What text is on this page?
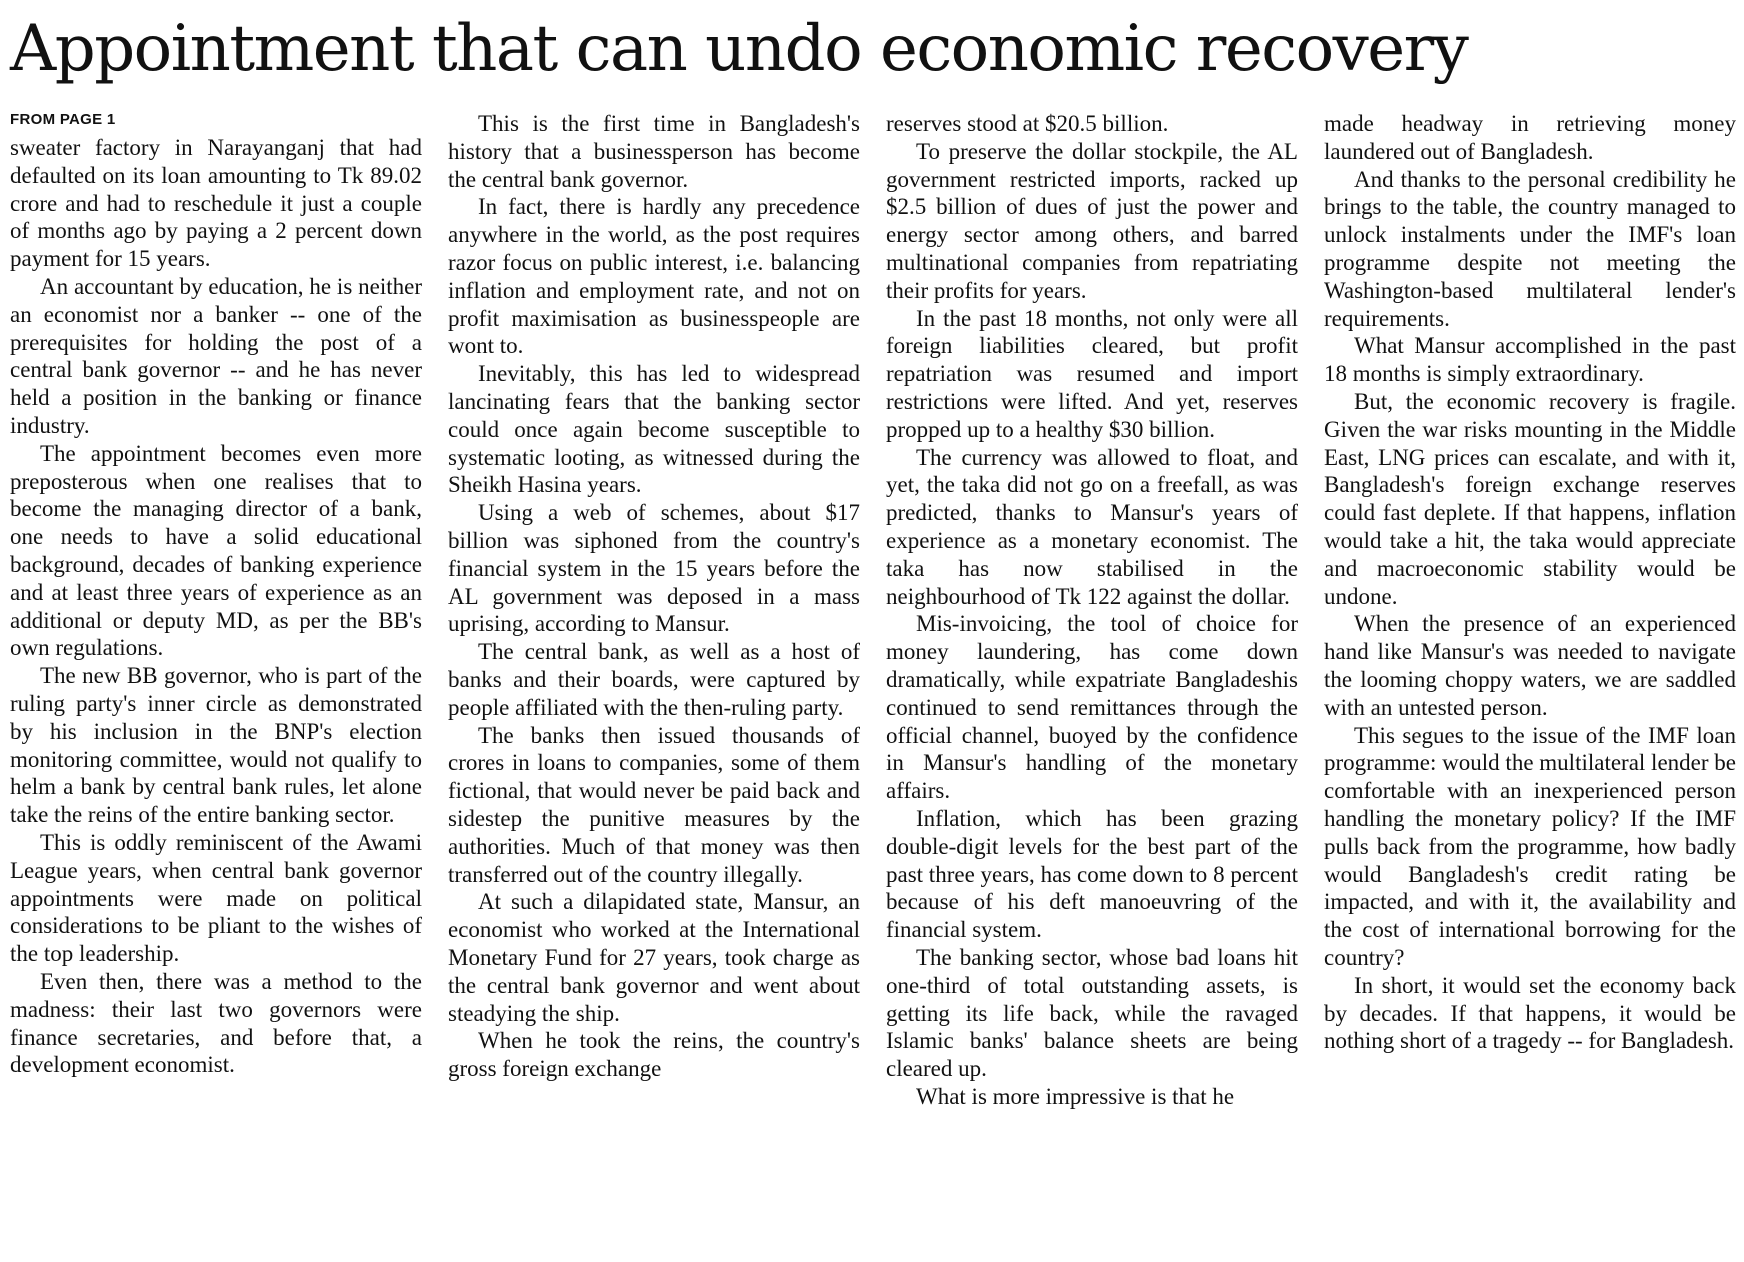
Appointment that can undo economic recovery
FROM PAGE 1

sweater factory in Narayanganj that had defaulted on its loan amounting to Tk 89.02 crore and had to reschedule it just a couple of months ago by paying a 2 percent down payment for 15 years.

An accountant by education, he is neither an economist nor a banker -- one of the prerequisites for holding the post of a central bank governor -- and he has never held a position in the banking or finance industry.

The appointment becomes even more preposterous when one realises that to become the managing director of a bank, one needs to have a solid educational background, decades of banking experience and at least three years of experience as an additional or deputy MD, as per the BB's own regulations.

The new BB governor, who is part of the ruling party's inner circle as demonstrated by his inclusion in the BNP's election monitoring committee, would not qualify to helm a bank by central bank rules, let alone take the reins of the entire banking sector.

This is oddly reminiscent of the Awami League years, when central bank governor appointments were made on political considerations to be pliant to the wishes of the top leadership.

Even then, there was a method to the madness: their last two governors were finance secretaries, and before that, a development economist.

This is the first time in Bangladesh's history that a businessperson has become the central bank governor.

In fact, there is hardly any precedence anywhere in the world, as the post requires razor focus on public interest, i.e. balancing inflation and employment rate, and not on profit maximisation as businesspeople are wont to.

Inevitably, this has led to widespread lancinating fears that the banking sector could once again become susceptible to systematic looting, as witnessed during the Sheikh Hasina years.

Using a web of schemes, about $17 billion was siphoned from the country's financial system in the 15 years before the AL government was deposed in a mass uprising, according to Mansur.

The central bank, as well as a host of banks and their boards, were captured by people affiliated with the then-ruling party.

The banks then issued thousands of crores in loans to companies, some of them fictional, that would never be paid back and sidestep the punitive measures by the authorities. Much of that money was then transferred out of the country illegally.

At such a dilapidated state, Mansur, an economist who worked at the International Monetary Fund for 27 years, took charge as the central bank governor and went about steadying the ship.

When he took the reins, the country's gross foreign exchange

reserves stood at $20.5 billion.

To preserve the dollar stockpile, the AL government restricted imports, racked up $2.5 billion of dues of just the power and energy sector among others, and barred multinational companies from repatriating their profits for years.

In the past 18 months, not only were all foreign liabilities cleared, but profit repatriation was resumed and import restrictions were lifted. And yet, reserves propped up to a healthy $30 billion.

The currency was allowed to float, and yet, the taka did not go on a freefall, as was predicted, thanks to Mansur's years of experience as a monetary economist. The taka has now stabilised in the neighbourhood of Tk 122 against the dollar.

Mis-invoicing, the tool of choice for money laundering, has come down dramatically, while expatriate Bangladeshis continued to send remittances through the official channel, buoyed by the confidence in Mansur's handling of the monetary affairs.

Inflation, which has been grazing double-digit levels for the best part of the past three years, has come down to 8 percent because of his deft manoeuvring of the financial system.

The banking sector, whose bad loans hit one-third of total outstanding assets, is getting its life back, while the ravaged Islamic banks' balance sheets are being cleared up.

What is more impressive is that he

made headway in retrieving money laundered out of Bangladesh.

And thanks to the personal credibility he brings to the table, the country managed to unlock instalments under the IMF's loan programme despite not meeting the Washington-based multilateral lender's requirements.

What Mansur accomplished in the past 18 months is simply extraordinary.

But, the economic recovery is fragile. Given the war risks mounting in the Middle East, LNG prices can escalate, and with it, Bangladesh's foreign exchange reserves could fast deplete. If that happens, inflation would take a hit, the taka would appreciate and macroeconomic stability would be undone.

When the presence of an experienced hand like Mansur's was needed to navigate the looming choppy waters, we are saddled with an untested person.

This segues to the issue of the IMF loan programme: would the multilateral lender be comfortable with an inexperienced person handling the monetary policy? If the IMF pulls back from the programme, how badly would Bangladesh's credit rating be impacted, and with it, the availability and the cost of international borrowing for the country?

In short, it would set the economy back by decades. If that happens, it would be nothing short of a tragedy -- for Bangladesh.
